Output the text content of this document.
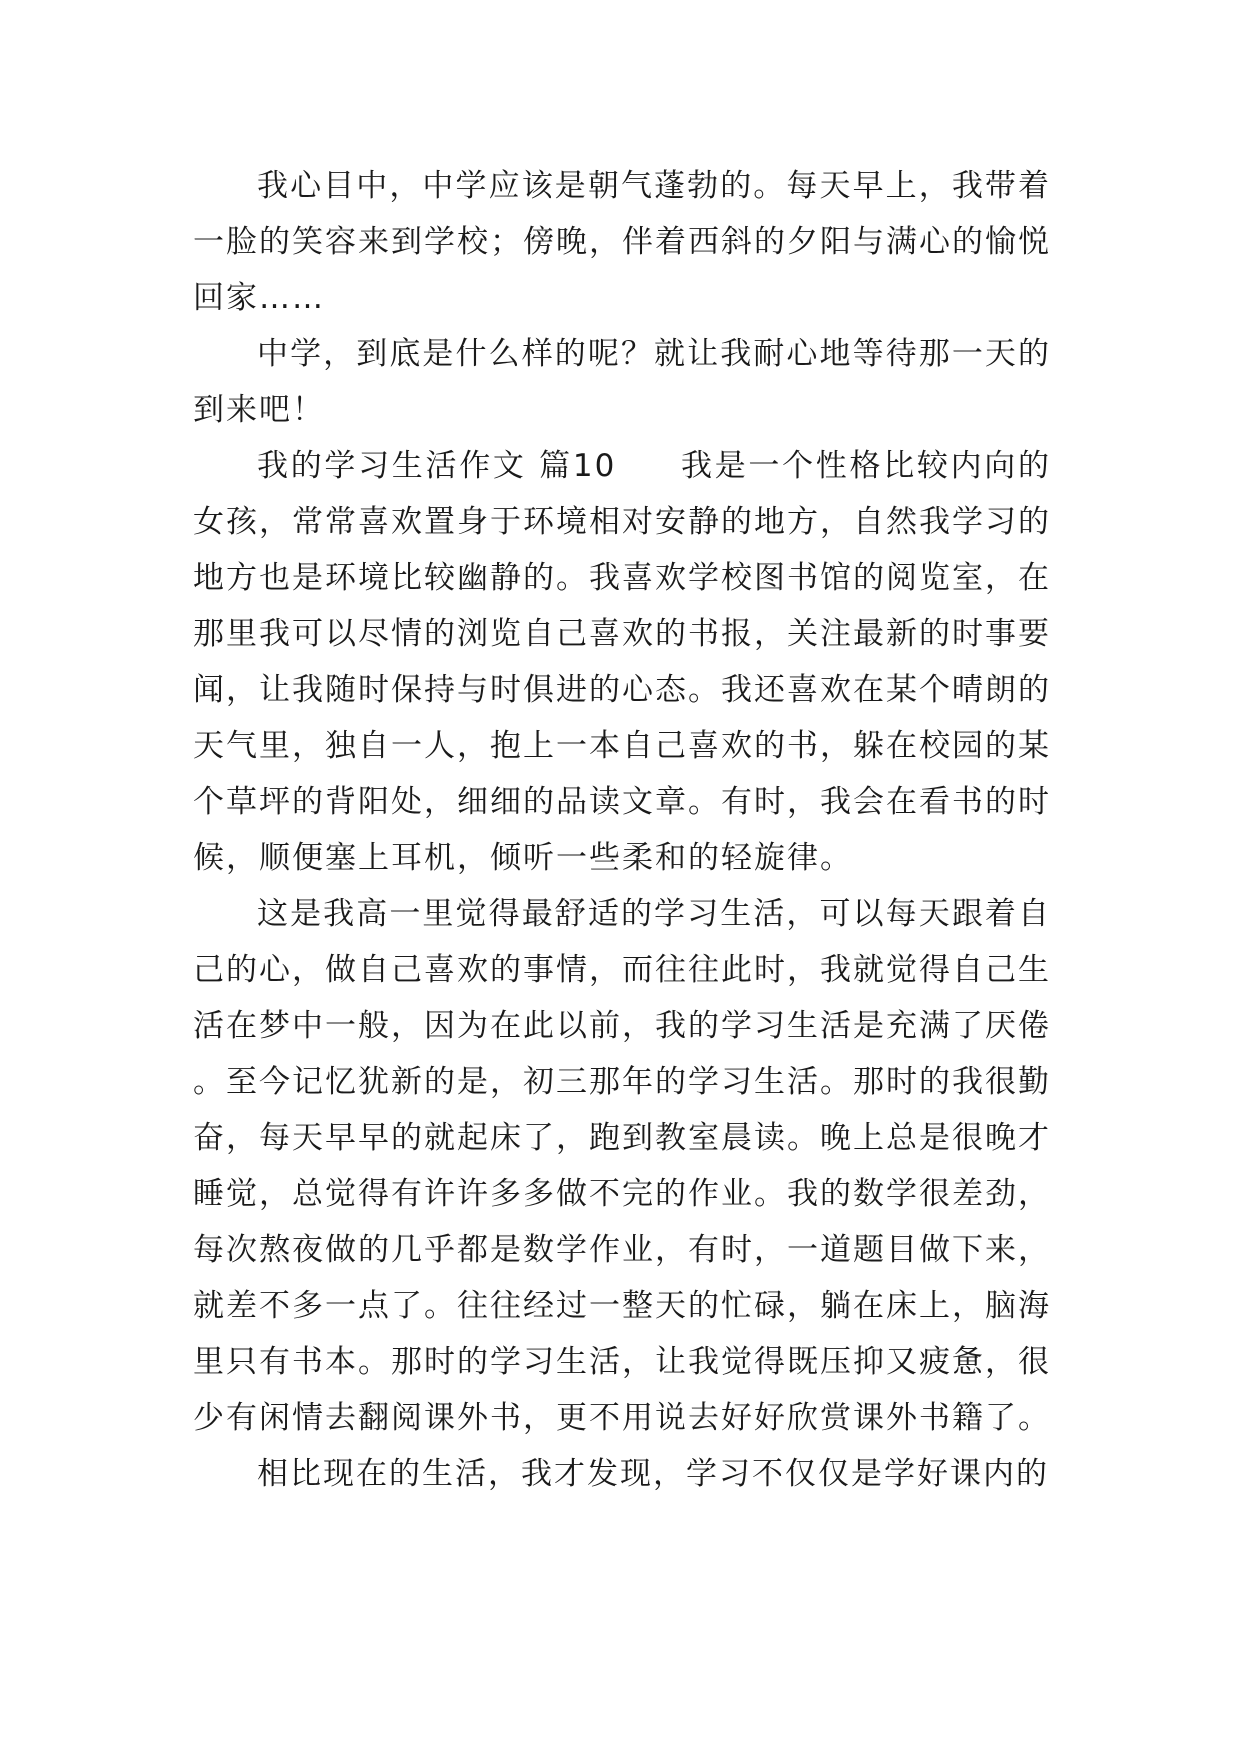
我心目中，中学应该是朝气蓬勃的。每天早上，我带着一脸的笑容来到学校；傍晚，伴着西斜的夕阳与满心的愉悦回家……

中学，到底是什么样的呢？就让我耐心地等待那一天的到来吧！

我的学习生活作文 篇10 我是一个性格比较内向的女孩，常常喜欢置身于环境相对安静的地方，自然我学习的地方也是环境比较幽静的。我喜欢学校图书馆的阅览室，在那里我可以尽情的浏览自己喜欢的书报，关注最新的时事要闻，让我随时保持与时俱进的心态。我还喜欢在某个晴朗的天气里，独自一人，抱上一本自己喜欢的书，躲在校园的某个草坪的背阳处，细细的品读文章。有时，我会在看书的时候，顺便塞上耳机，倾听一些柔和的轻旋律。

这是我高一里觉得最舒适的学习生活，可以每天跟着自己的心，做自己喜欢的事情，而往往此时，我就觉得自己生活在梦中一般，因为在此以前，我的学习生活是充满了厌倦。至今记忆犹新的是，初三那年的学习生活。那时的我很勤奋，每天早早的就起床了，跑到教室晨读。晚上总是很晚才睡觉，总觉得有许许多多做不完的作业。我的数学很差劲，每次熬夜做的几乎都是数学作业，有时，一道题目做下来，就差不多一点了。往往经过一整天的忙碌，躺在床上，脑海里只有书本。那时的学习生活，让我觉得既压抑又疲惫，很少有闲情去翻阅课外书，更不用说去好好欣赏课外书籍了。

相比现在的生活，我才发现，学习不仅仅是学好课内的
